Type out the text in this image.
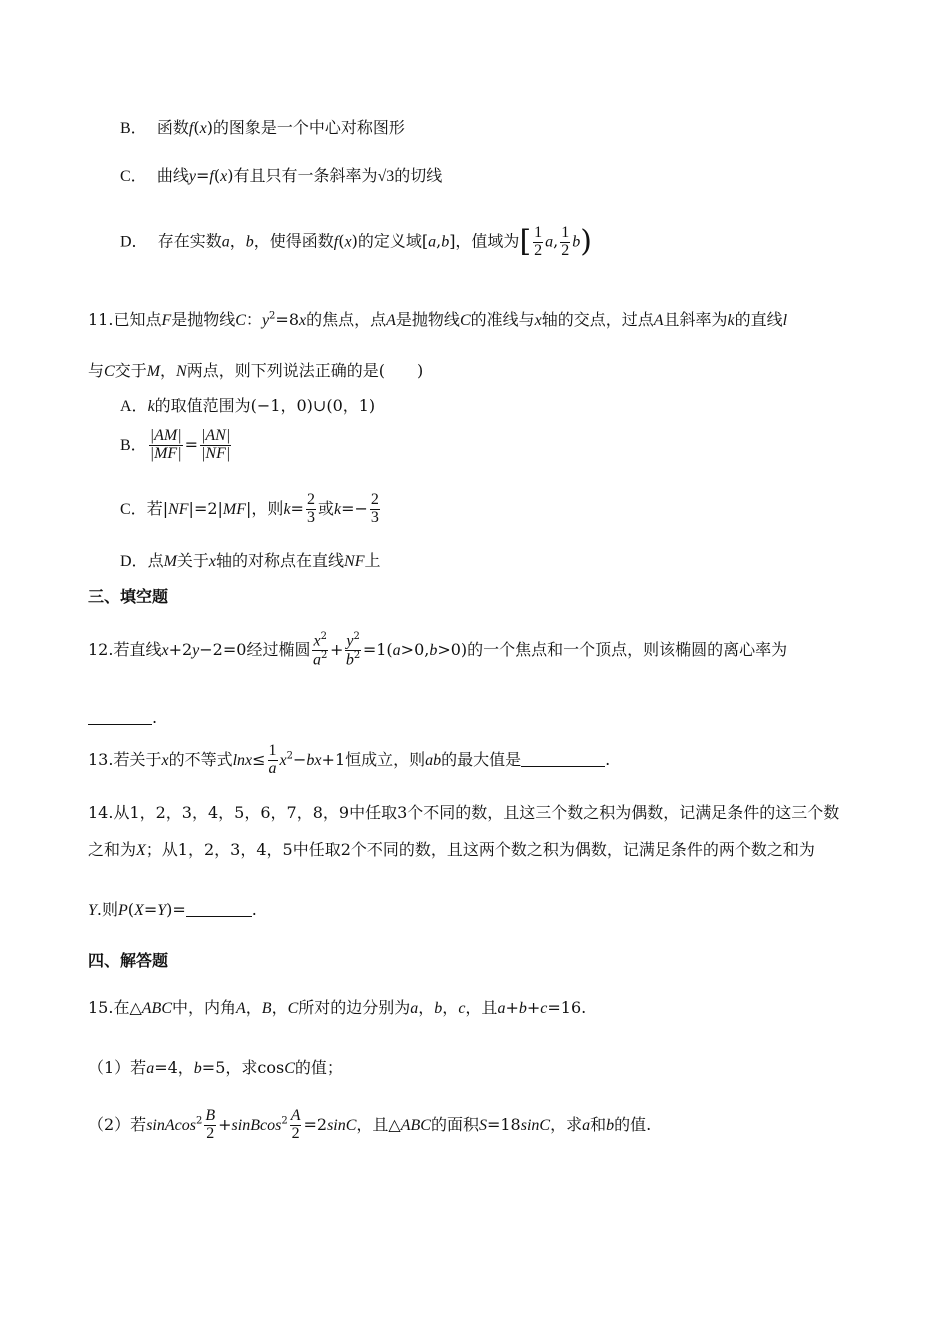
B．  函数f(x)的图象是一个中心对称图形
C．  曲线y=f(x)有且只有一条斜率为√3的切线
D．  存在实数a，b，使得函数f(x)的定义域[a,b]，值域为[ $\frac{1}{2} a$, $\frac{1}{2} b$)
11.已知点F是抛物线C：$y^2=8x$的焦点，点A是抛物线C的准线与x轴的交点，过点A且斜率为k的直线l
与C交于M，N两点，则下列说法正确的是(　　)
A．k的取值范围为(−1，0)∪(0，1)
B． $\frac{|AM|}{|MF|} = \frac{|AN|}{|NF|}$
C．若|NF|=2|MF|，则$k= \frac{2}{3}$ 或$k=- \frac{2}{3}$
D．点M关于x轴的对称点在直线NF上
三、填空题
12.若直线x+2y−2=0经过椭圆 $\frac{x^2}{a^2} + \frac{y^2}{b^2} =1(a>0,b>0)$的一个焦点和一个顶点，则该椭圆的离心率为
.
13.若关于x的不等式$\ln x\le \frac{1}{a} x^2-bx+1$恒成立，则ab的最大值是	.
14.从1，2，3，4，5，6，7，8，9中任取3个不同的数，且这三个数之积为偶数，记满足条件的这三个数
之和为X；从1，2，3，4，5中任取2个不同的数，且这两个数之积为偶数，记满足条件的两个数之和为
Y.则P(X=Y)=	.
四、解答题
15.在△ABC中，内角A，B，C所对的边分别为a，b，c，且a+b+c=16.
（1）若a=4，b=5，求cosC的值；
（2）若sinAcos$^2$ $\frac{B}{2}$ +sinBcos$^2$ $\frac{A}{2} =2\sin C$，且△ABC的面积S=18sinC，求a和b的值.
